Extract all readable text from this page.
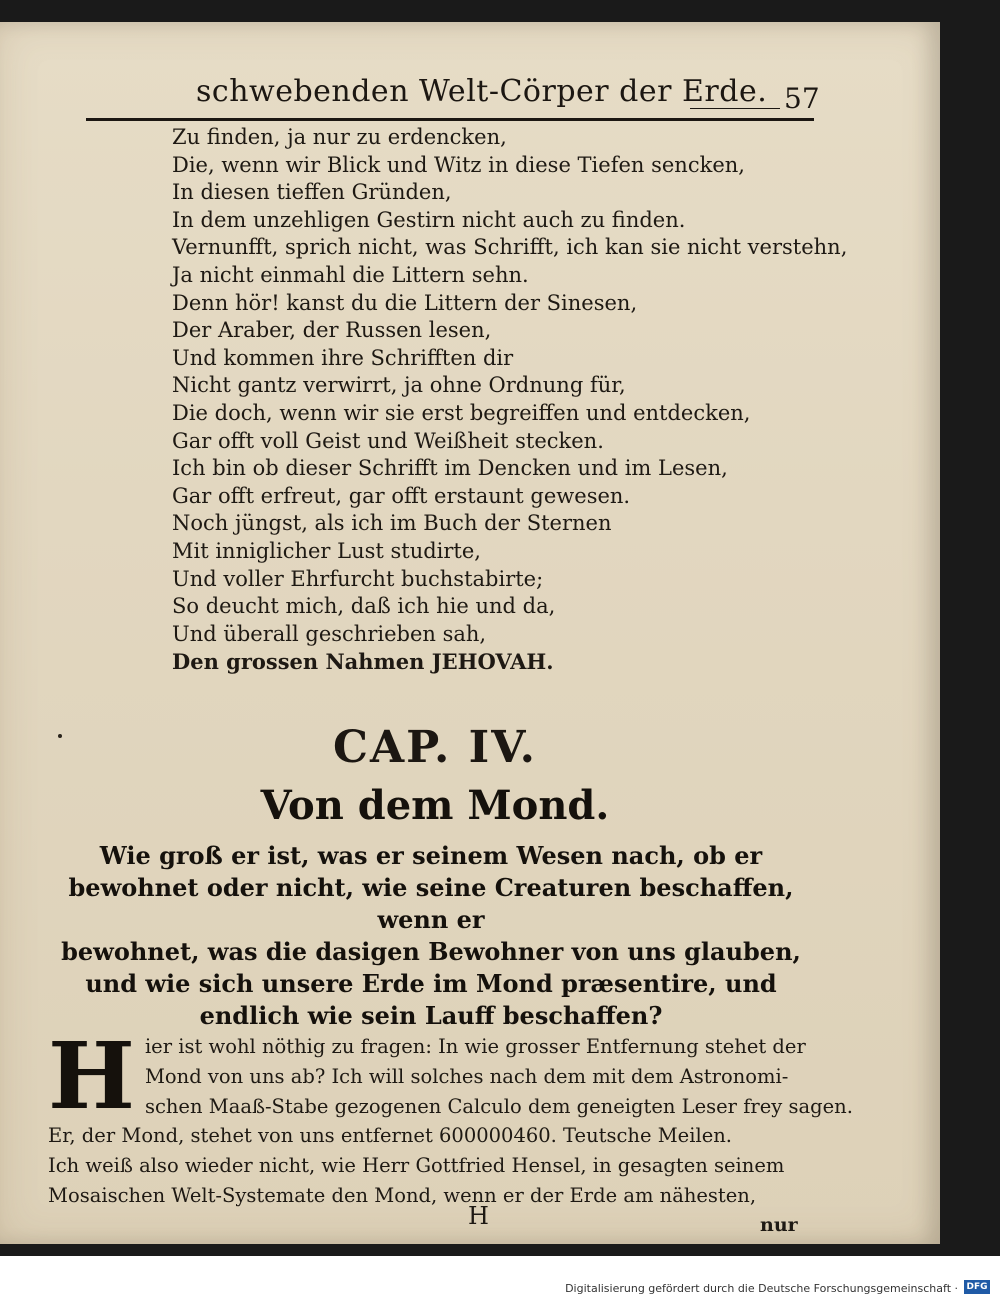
schwebenden Welt-Cörper der Erde. 57
Zu finden, ja nur zu erdencken,
Die, wenn wir Blick und Witz in diese Tiefen sencken,
In diesen tieffen Gründen,
In dem unzehligen Gestirn nicht auch zu finden.
Vernunfft, sprich nicht, was Schrifft, ich kan sie nicht verstehn,
Ja nicht einmahl die Littern sehn.
Denn hör! kanst du die Littern der Sinesen,
Der Araber, der Russen lesen,
Und kommen ihre Schrifften dir
Nicht gantz verwirrt, ja ohne Ordnung für,
Die doch, wenn wir sie erst begreiffen und entdecken,
Gar offt voll Geist und Weißheit stecken.
Ich bin ob dieser Schrifft im Dencken und im Lesen,
Gar offt erfreut, gar offt erstaunt gewesen.
Noch jüngst, als ich im Buch der Sternen
Mit inniglicher Lust studirte,
Und voller Ehrfurcht buchstabirte;
So deucht mich, daß ich hie und da,
Und überall geschrieben sah,
Den grossen Nahmen JEHOVAH.
CAP. IV.
Von dem Mond.
Wie groß er ist, was er seinem Wesen nach, ob er
bewohnet oder nicht, wie seine Creaturen beschaffen, wenn er
bewohnet, was die dasigen Bewohner von uns glauben,
und wie sich unsere Erde im Mond præsentire, und
endlich wie sein Lauff beschaffen?
H ier ist wohl nöthig zu fragen: In wie grosser Entfernung stehet der
Mond von uns ab? Ich will solches nach dem mit dem Astronomi-
schen Maaß-Stabe gezogenen Calculo dem geneigten Leser frey sagen.
Er, der Mond, stehet von uns entfernet 600000460. Teutsche Meilen.
Ich weiß also wieder nicht, wie Herr Gottfried Hensel, in gesagten seinem
Mosaischen Welt-Systemate den Mond, wenn er der Erde am nähesten,
H	nur
Digitalisierung gefördert durch die Deutsche Forschungsgemeinschaft · DFG
